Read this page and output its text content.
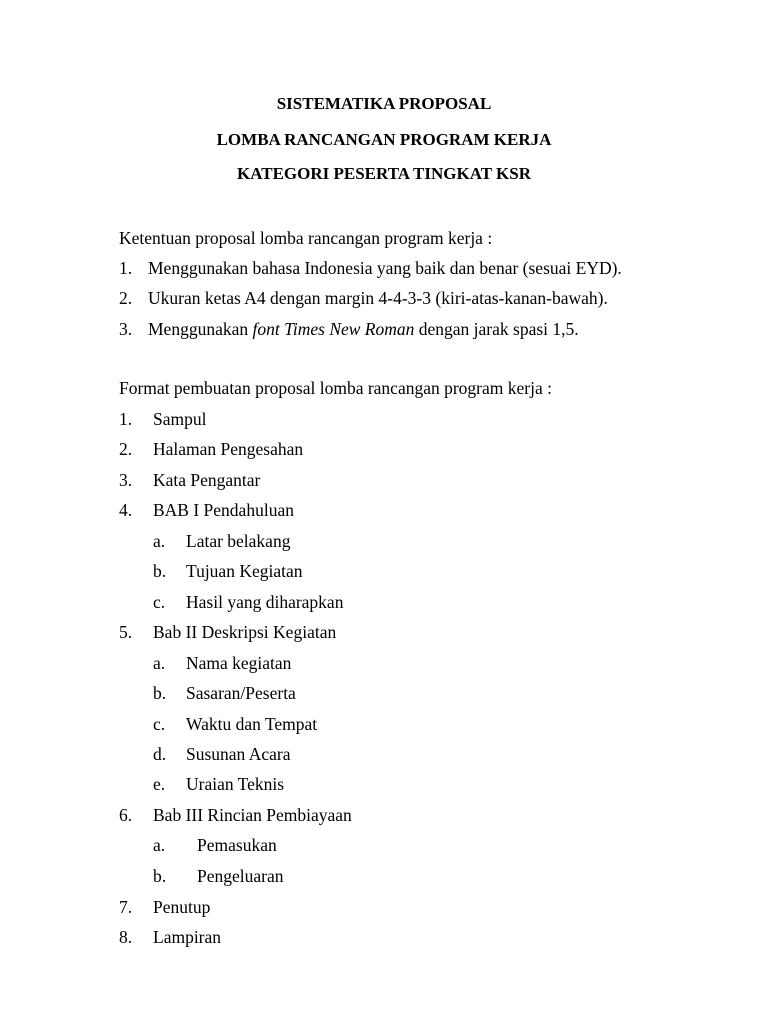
SISTEMATIKA PROPOSAL
LOMBA RANCANGAN PROGRAM KERJA
KATEGORI PESERTA TINGKAT KSR
Ketentuan proposal lomba rancangan program kerja :
1. Menggunakan bahasa Indonesia yang baik dan benar (sesuai EYD).
2. Ukuran ketas A4 dengan margin 4-4-3-3 (kiri-atas-kanan-bawah).
3. Menggunakan font Times New Roman dengan jarak spasi 1,5.
Format pembuatan proposal lomba rancangan program kerja :
1. Sampul
2. Halaman Pengesahan
3. Kata Pengantar
4. BAB I Pendahuluan
a. Latar belakang
b. Tujuan Kegiatan
c. Hasil yang diharapkan
5. Bab II Deskripsi Kegiatan
a. Nama kegiatan
b. Sasaran/Peserta
c. Waktu dan Tempat
d. Susunan Acara
e. Uraian Teknis
6. Bab III Rincian Pembiayaan
a. Pemasukan
b. Pengeluaran
7. Penutup
8. Lampiran
